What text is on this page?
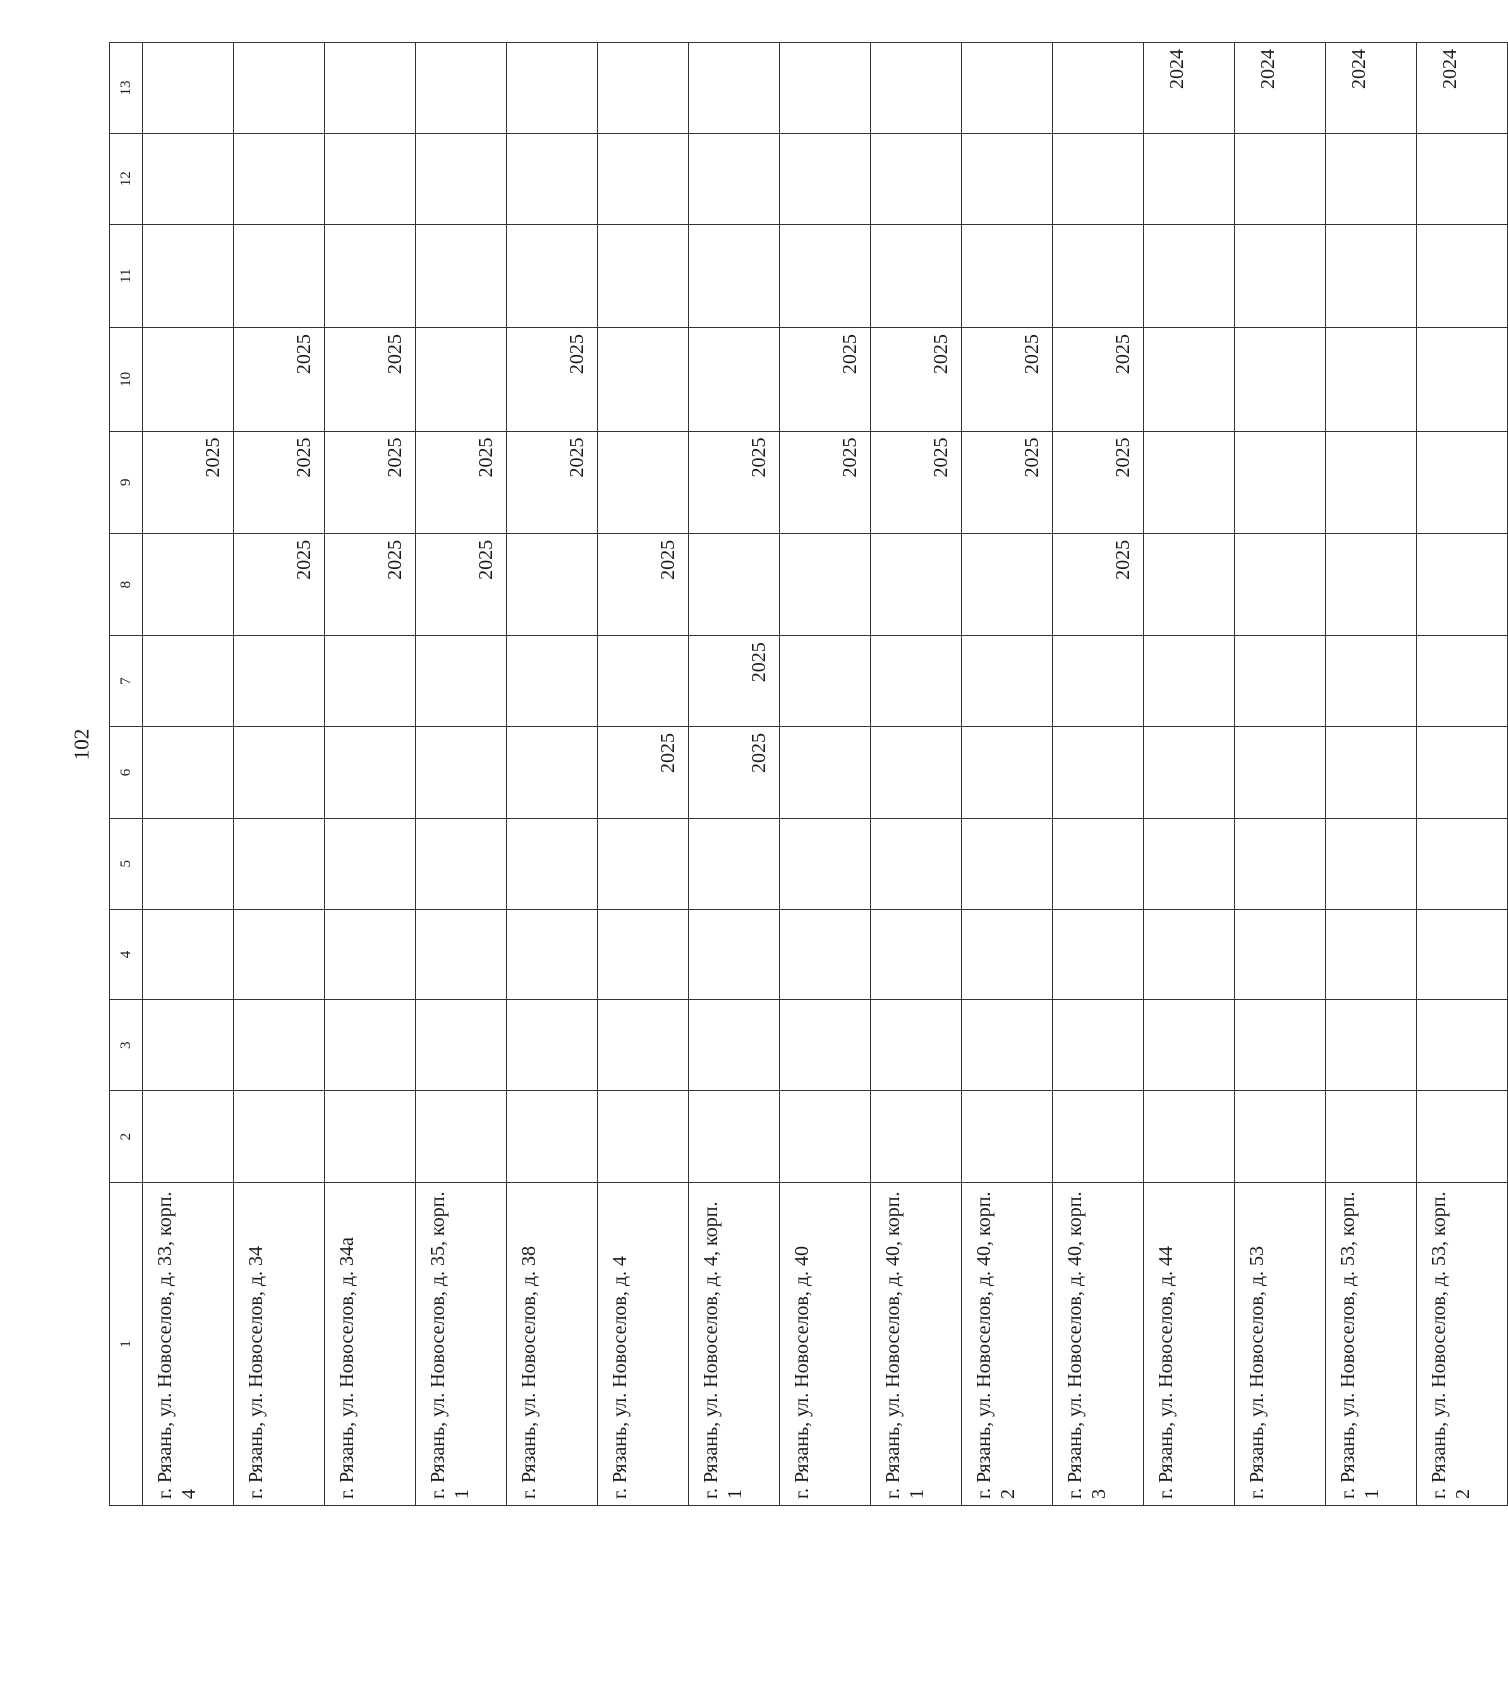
102
1	2	3	4	5	6	7	8	9	10	11	12	13
г. Рязань, ул. Новоселов, д. 33, корп. 4								2025				
г. Рязань, ул. Новоселов, д. 34							2025	2025	2025			
г. Рязань, ул. Новоселов, д. 34а							2025	2025	2025			
г. Рязань, ул. Новоселов, д. 35, корп. 1							2025	2025				
г. Рязань, ул. Новоселов, д. 38								2025	2025			
г. Рязань, ул. Новоселов, д. 4					2025		2025					
г. Рязань, ул. Новоселов, д. 4, корп. 1					2025	2025		2025				
г. Рязань, ул. Новоселов, д. 40								2025	2025			
г. Рязань, ул. Новоселов, д. 40, корп. 1								2025	2025			
г. Рязань, ул. Новоселов, д. 40, корп. 2								2025	2025			
г. Рязань, ул. Новоселов, д. 40, корп. 3							2025	2025	2025			
г. Рязань, ул. Новоселов, д. 44												2024
г. Рязань, ул. Новоселов, д. 53												2024
г. Рязань, ул. Новоселов, д. 53, корп. 1												2024
г. Рязань, ул. Новоселов, д. 53, корп. 2												2024
